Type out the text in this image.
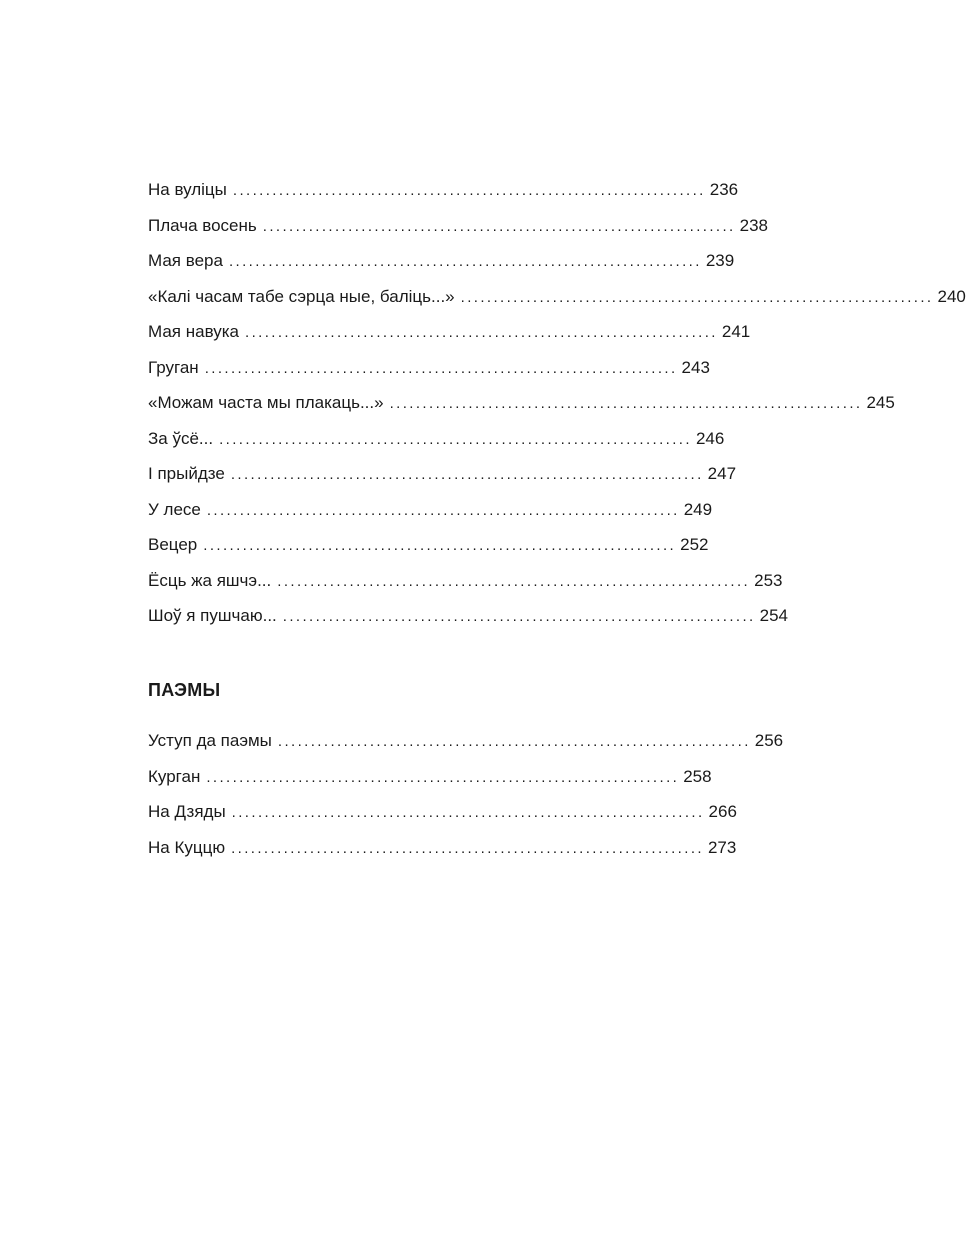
На вуліцы ........................................................................ 236
Плача восень ........................................................................ 238
Мая вера ........................................................................ 239
«Калі часам табе сэрца ные, баліць...» ........................................................................ 240
Мая навука ........................................................................ 241
Груган ........................................................................ 243
«Можам часта мы плакаць...» ........................................................................ 245
За ўсё... ........................................................................ 246
І прыйдзе ........................................................................ 247
У лесе ........................................................................ 249
Вецер ........................................................................ 252
Ёсць жа яшчэ... ........................................................................ 253
Шоў я пушчаю... ........................................................................ 254
ПАЭМЫ
Уступ да паэмы ........................................................................ 256
Курган ........................................................................ 258
На Дзяды ........................................................................ 266
На Куццю ........................................................................ 273
